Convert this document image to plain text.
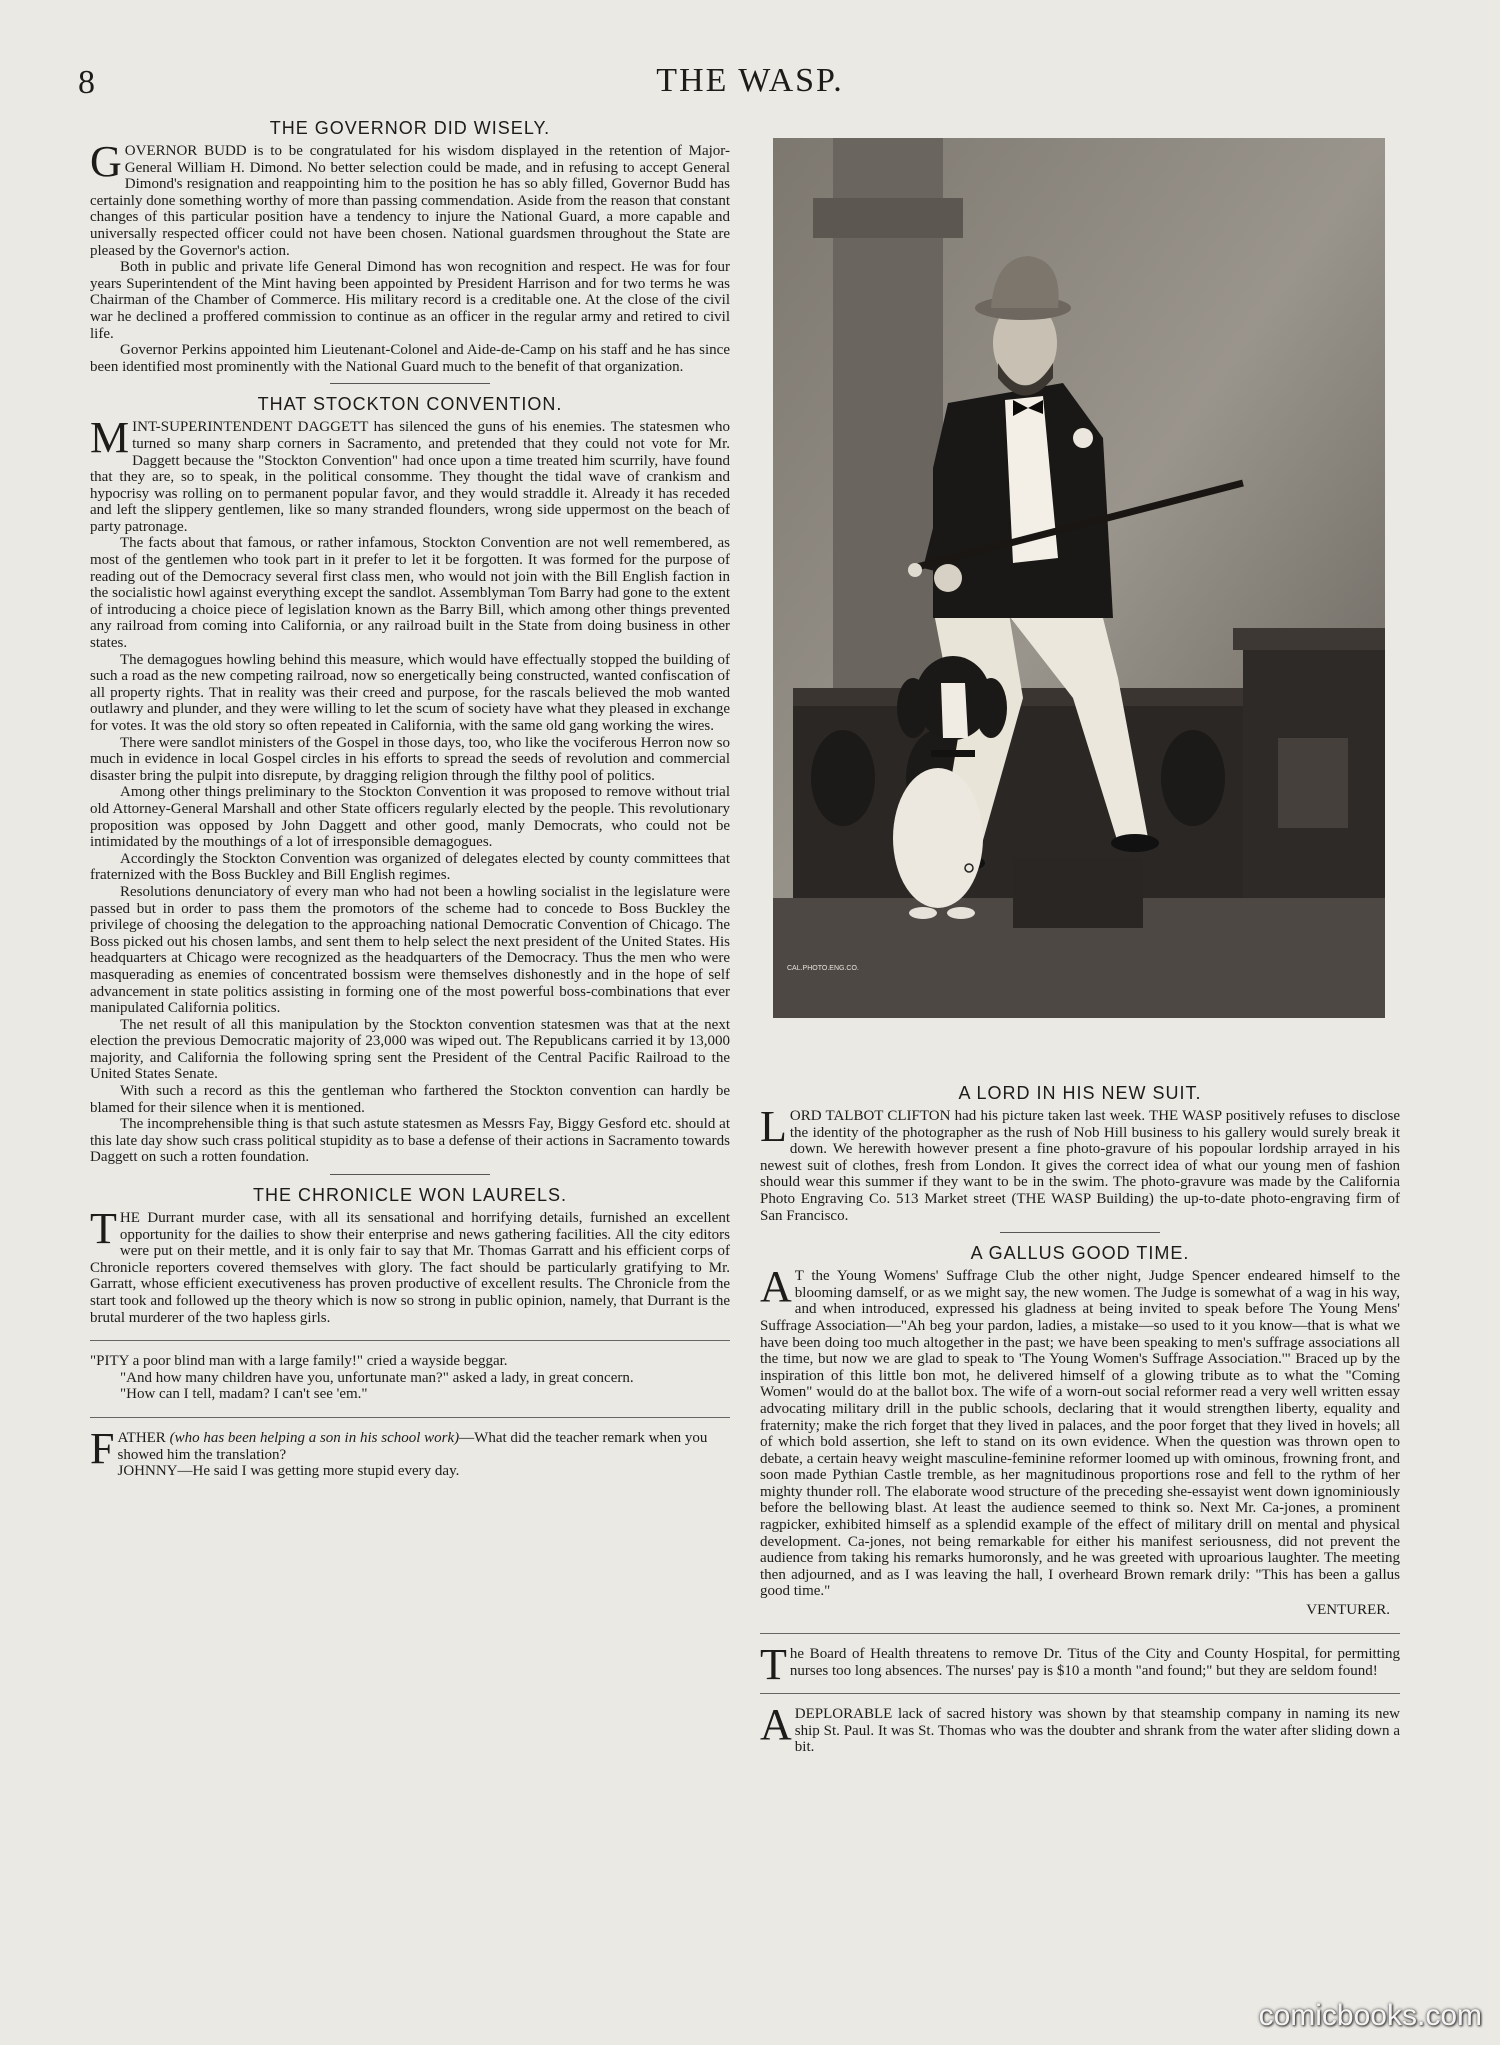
8	THE WASP.
THE GOVERNOR DID WISELY.

GOVERNOR BUDD is to be congratulated for his wisdom displayed in the retention of Major-General William H. Dimond. No better selection could be made, and in refusing to accept General Dimond's resignation and reappointing him to the position he has so ably filled, Governor Budd has certainly done something worthy of more than passing commendation. Aside from the reason that constant changes of this particular position have a tendency to injure the National Guard, a more capable and universally respected officer could not have been chosen. National guardsmen throughout the State are pleased by the Governor's action.

Both in public and private life General Dimond has won recognition and respect. He was for four years Superintendent of the Mint having been appointed by President Harrison and for two terms he was Chairman of the Chamber of Commerce. His military record is a creditable one. At the close of the civil war he declined a proffered commission to continue as an officer in the regular army and retired to civil life.

Governor Perkins appointed him Lieutenant-Colonel and Aide-de-Camp on his staff and he has since been identified most prominently with the National Guard much to the benefit of that organization.

THAT STOCKTON CONVENTION.

MINT-SUPERINTENDENT DAGGETT has silenced the guns of his enemies. The statesmen who turned so many sharp corners in Sacramento, and pretended that they could not vote for Mr. Daggett because the "Stockton Convention" had once upon a time treated him scurrily, have found that they are, so to speak, in the political consomme. They thought the tidal wave of crankism and hypocrisy was rolling on to permanent popular favor, and they would straddle it. Already it has receded and left the slippery gentlemen, like so many stranded flounders, wrong side uppermost on the beach of party patronage.

The facts about that famous, or rather infamous, Stockton Convention are not well remembered, as most of the gentlemen who took part in it prefer to let it be forgotten. It was formed for the purpose of reading out of the Democracy several first class men, who would not join with the Bill English faction in the socialistic howl against everything except the sandlot. Assemblyman Tom Barry had gone to the extent of introducing a choice piece of legislation known as the Barry Bill, which among other things prevented any railroad from coming into California, or any railroad built in the State from doing business in other states.

The demagogues howling behind this measure, which would have effectually stopped the building of such a road as the new competing railroad, now so energetically being constructed, wanted confiscation of all property rights. That in reality was their creed and purpose, for the rascals believed the mob wanted outlawry and plunder, and they were willing to let the scum of society have what they pleased in exchange for votes. It was the old story so often repeated in California, with the same old gang working the wires.

There were sandlot ministers of the Gospel in those days, too, who like the vociferous Herron now so much in evidence in local Gospel circles in his efforts to spread the seeds of revolution and commercial disaster bring the pulpit into disrepute, by dragging religion through the filthy pool of politics.

Among other things preliminary to the Stockton Convention it was proposed to remove without trial old Attorney-General Marshall and other State officers regularly elected by the people. This revolutionary proposition was opposed by John Daggett and other good, manly Democrats, who could not be intimidated by the mouthings of a lot of irresponsible demagogues.

Accordingly the Stockton Convention was organized of delegates elected by county committees that fraternized with the Boss Buckley and Bill English regimes.

Resolutions denunciatory of every man who had not been a howling socialist in the legislature were passed but in order to pass them the promotors of the scheme had to concede to Boss Buckley the privilege of choosing the delegation to the approaching national Democratic Convention of Chicago. The Boss picked out his chosen lambs, and sent them to help select the next president of the United States. His headquarters at Chicago were recognized as the headquarters of the Democracy. Thus the men who were masquerading as enemies of concentrated bossism were themselves dishonestly and in the hope of self advancement in state politics assisting in forming one of the most powerful boss-combinations that ever manipulated California politics.

The net result of all this manipulation by the Stockton convention statesmen was that at the next election the previous Democratic majority of 23,000 was wiped out. The Republicans carried it by 13,000 majority, and California the following spring sent the President of the Central Pacific Railroad to the United States Senate.

With such a record as this the gentleman who farthered the Stockton convention can hardly be blamed for their silence when it is mentioned.

The incomprehensible thing is that such astute statesmen as Messrs Fay, Biggy Gesford etc. should at this late day show such crass political stupidity as to base a defense of their actions in Sacramento towards Daggett on such a rotten foundation.

THE CHRONICLE WON LAURELS.

THE Durrant murder case, with all its sensational and horrifying details, furnished an excellent opportunity for the dailies to show their enterprise and news gathering facilities. All the city editors were put on their mettle, and it is only fair to say that Mr. Thomas Garratt and his efficient corps of Chronicle reporters covered themselves with glory. The fact should be particularly gratifying to Mr. Garratt, whose efficient executiveness has proven productive of excellent results. The Chronicle from the start took and followed up the theory which is now so strong in public opinion, namely, that Durrant is the brutal murderer of the two hapless girls.

"PITY a poor blind man with a large family!" cried a wayside beggar.

"And how many children have you, unfortunate man?" asked a lady, in great concern.

"How can I tell, madam? I can't see 'em."

FATHER (who has been helping a son in his school work)—What did the teacher remark when you showed him the translation?

JOHNNY—He said I was getting more stupid every day.

CAL.PHOTO.ENG.CO.
A LORD IN HIS NEW SUIT.

LORD TALBOT CLIFTON had his picture taken last week. THE WASP positively refuses to disclose the identity of the photographer as the rush of Nob Hill business to his gallery would surely break it down. We herewith however present a fine photo-gravure of his popoular lordship arrayed in his newest suit of clothes, fresh from London. It gives the correct idea of what our young men of fashion should wear this summer if they want to be in the swim. The photo-gravure was made by the California Photo Engraving Co. 513 Market street (THE WASP Building) the up-to-date photo-engraving firm of San Francisco.

A GALLUS GOOD TIME.

A T the Young Womens' Suffrage Club the other night, Judge Spencer endeared himself to the blooming damself, or as we might say, the new women. The Judge is somewhat of a wag in his way, and when introduced, expressed his gladness at being invited to speak before The Young Mens' Suffrage Association—"Ah beg your pardon, ladies, a mistake—so used to it you know—that is what we have been doing too much altogether in the past; we have been speaking to men's suffrage associations all the time, but now we are glad to speak to 'The Young Women's Suffrage Association.'" Braced up by the inspiration of this little bon mot, he delivered himself of a glowing tribute as to what the "Coming Women" would do at the ballot box. The wife of a worn-out social reformer read a very well written essay advocating military drill in the public schools, declaring that it would strengthen liberty, equality and fraternity; make the rich forget that they lived in palaces, and the poor forget that they lived in hovels; all of which bold assertion, she left to stand on its own evidence. When the question was thrown open to debate, a certain heavy weight masculine-feminine reformer loomed up with ominous, frowning front, and soon made Pythian Castle tremble, as her magnitudinous proportions rose and fell to the rythm of her mighty thunder roll. The elaborate wood structure of the preceding she-essayist went down ignominiously before the bellowing blast. At least the audience seemed to think so. Next Mr. Ca-jones, a prominent ragpicker, exhibited himself as a splendid example of the effect of military drill on mental and physical development. Ca-jones, not being remarkable for either his manifest seriousness, did not prevent the audience from taking his remarks humoronsly, and he was greeted with uproarious laughter. The meeting then adjourned, and as I was leaving the hall, I overheard Brown remark drily: "This has been a gallus good time."

VENTURER.

The Board of Health threatens to remove Dr. Titus of the City and County Hospital, for permitting nurses too long absences. The nurses' pay is $10 a month "and found;" but they are seldom found!

ADEPLORABLE lack of sacred history was shown by that steamship company in naming its new ship St. Paul. It was St. Thomas who was the doubter and shrank from the water after sliding down a bit.

comicbooks.com
